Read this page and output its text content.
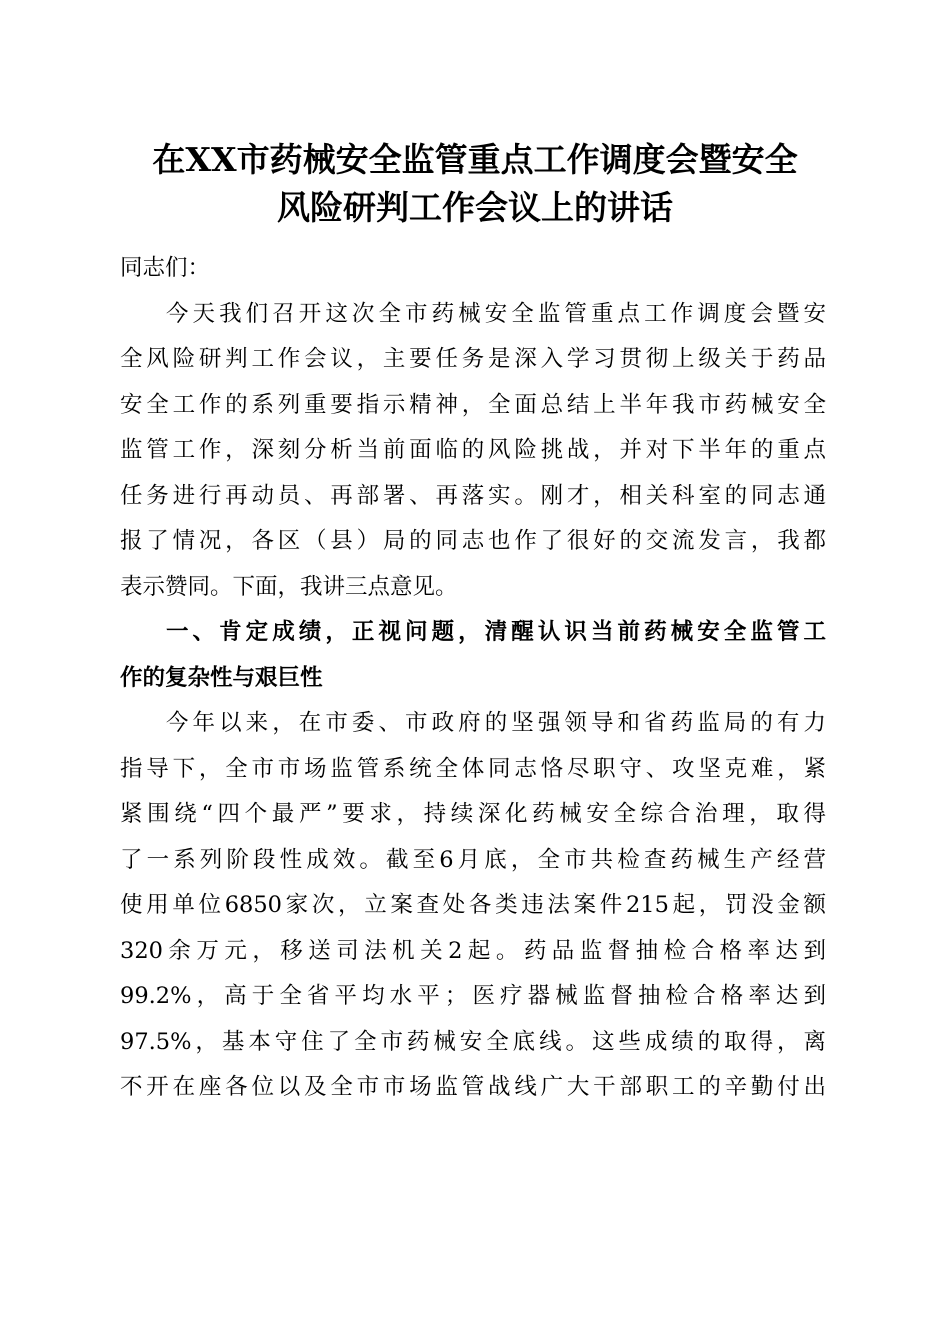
在XX市药械安全监管重点工作调度会暨安全
风险研判工作会议上的讲话
同志们：
今天我们召开这次全市药械安全监管重点工作调度会暨安
全风险研判工作会议，主要任务是深入学习贯彻上级关于药品
安全工作的系列重要指示精神，全面总结上半年我市药械安全
监管工作，深刻分析当前面临的风险挑战，并对下半年的重点
任务进行再动员、再部署、再落实。刚才，相关科室的同志通
报了情况，各区（县）局的同志也作了很好的交流发言，我都
表示赞同。下面，我讲三点意见。
一、肯定成绩，正视问题，清醒认识当前药械安全监管工
作的复杂性与艰巨性
今年以来，在市委、市政府的坚强领导和省药监局的有力
指导下，全市市场监管系统全体同志恪尽职守、攻坚克难，紧
紧围绕“四个最严”要求，持续深化药械安全综合治理，取得
了一系列阶段性成效。截至6月底，全市共检查药械生产经营
使用单位6850家次，立案查处各类违法案件215起，罚没金额
320余万元，移送司法机关2起。药品监督抽检合格率达到
99.2%，高于全省平均水平；医疗器械监督抽检合格率达到
97.5%，基本守住了全市药械安全底线。这些成绩的取得，离
不开在座各位以及全市市场监管战线广大干部职工的辛勤付出
